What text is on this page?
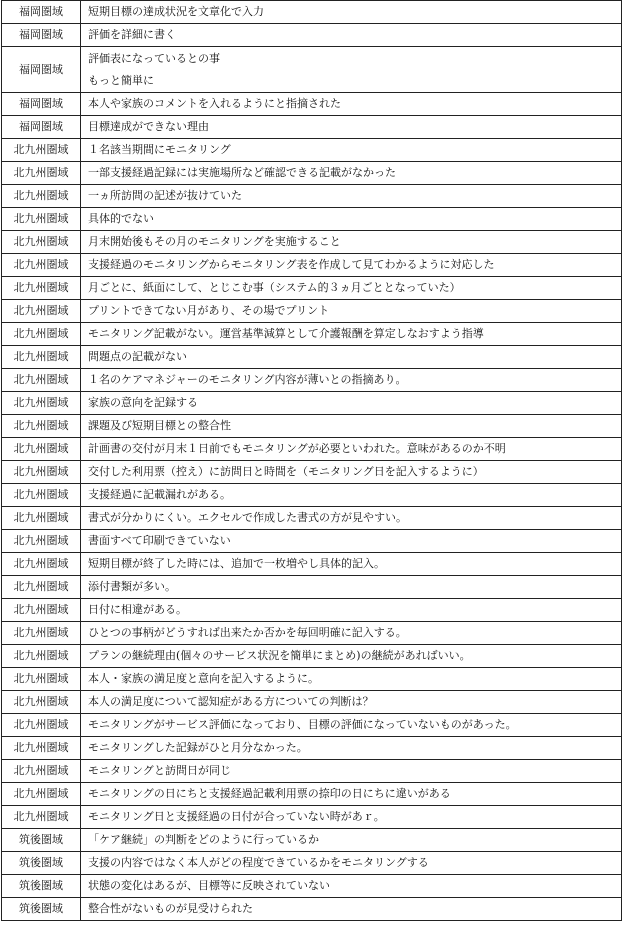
福岡圏域	短期目標の達成状況を文章化で入力

福岡圏域	評価を詳細に書く

福岡圏域	評価表になっているとの事
もっと簡単に

福岡圏域	本人や家族のコメントを入れるようにと指摘された

福岡圏域	目標達成ができない理由

北九州圏域	１名該当期間にモニタリング

北九州圏域	一部支援経過記録には実施場所など確認できる記載がなかった

北九州圏域	一ヵ所訪問の記述が抜けていた

北九州圏域	具体的でない

北九州圏域	月末開始後もその月のモニタリングを実施すること

北九州圏域	支援経過のモニタリングからモニタリング表を作成して見てわかるように対応した

北九州圏域	月ごとに、紙面にして、とじこむ事（システム的３ヵ月ごととなっていた）

北九州圏域	プリントできてない月があり、その場でプリント

北九州圏域	モニタリング記載がない。運営基準減算として介護報酬を算定しなおすよう指導

北九州圏域	問題点の記載がない

北九州圏域	１名のケアマネジャーのモニタリング内容が薄いとの指摘あり。

北九州圏域	家族の意向を記録する

北九州圏域	課題及び短期目標との整合性

北九州圏域	計画書の交付が月末１日前でもモニタリングが必要といわれた。意味があるのか不明

北九州圏域	交付した利用票（控え）に訪問日と時間を（モニタリング日を記入するように）

北九州圏域	支援経過に記載漏れがある。

北九州圏域	書式が分かりにくい。エクセルで作成した書式の方が見やすい。

北九州圏域	書面すべて印刷できていない

北九州圏域	短期目標が終了した時には、追加で一枚増やし具体的記入。

北九州圏域	添付書類が多い。

北九州圏域	日付に相違がある。

北九州圏域	ひとつの事柄がどうすれば出来たか否かを毎回明確に記入する。

北九州圏域	プランの継続理由(個々のサービス状況を簡単にまとめ)の継続があればいい。

北九州圏域	本人・家族の満足度と意向を記入するように。

北九州圏域	本人の満足度について認知症がある方についての判断は？

北九州圏域	モニタリングがサービス評価になっており、目標の評価になっていないものがあった。

北九州圏域	モニタリングした記録がひと月分なかった。

北九州圏域	モニタリングと訪問日が同じ

北九州圏域	モニタリングの日にちと支援経過記載利用票の捺印の日にちに違いがある

北九州圏域	モニタリング日と支援経過の日付が合っていない時があｒ。

筑後圏域	「ケア継続」の判断をどのように行っているか

筑後圏域	支援の内容ではなく本人がどの程度できているかをモニタリングする

筑後圏域	状態の変化はあるが、目標等に反映されていない

筑後圏域	整合性がないものが見受けられた
